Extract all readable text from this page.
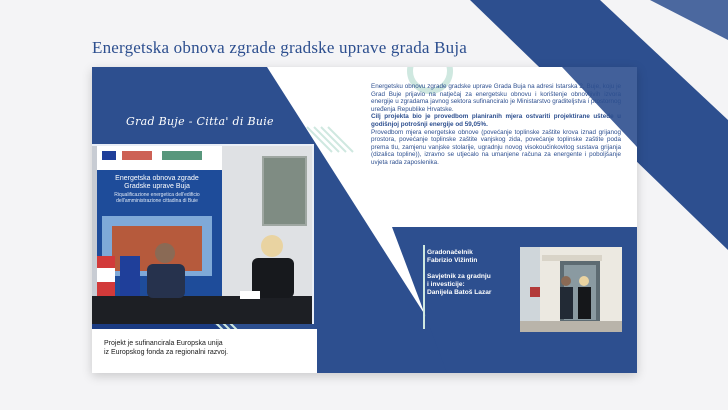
Energetska obnova zgrade gradske uprave grada Buja
Grad Buje - Citta' di Buie
Energetska obnova zgrade Gradske uprave Buja
Riqualificazione energetica dell'edificio dell'amministrazione cittadina di Buie
Projekt je sufinancirala Europska unija
iz Europskog fonda za regionalni razvoj.

Energetsku obnovu zgrade gradske uprave Grada Buja na adresi Istarska 2, Buje, koju je Grad Buje prijavio na natječaj za energetsku obnovu i korištenje obnovljivih izvora energije u zgradama javnog sektora sufinanciralo je Ministarstvo graditeljstva i prostornog uređenja Republike Hrvatske.

Cilj projekta bio je provedbom planiranih mjera ostvariti projektirane uštede u godišnjoj potrošnji energije od 59,05%.

Provedbom mjera energetske obnove (povećanje toplinske zaštite krova iznad grijanog prostora, povećanje toplinske zaštite vanjskog zida, povećanje toplinske zaštite poda prema tlu, zamjenu vanjske stolarije, ugradnju novog visokoučinkovitog sustava grijanja (dizalica topline)), izravno se utjecalo na umanjene računa za energente i poboljšanje uvjeta rada zaposlenika.

Gradonačelnik
Fabrizio Vižintin
Savjetnik za gradnju
i investicije:
Danijela Batoš Lazar
